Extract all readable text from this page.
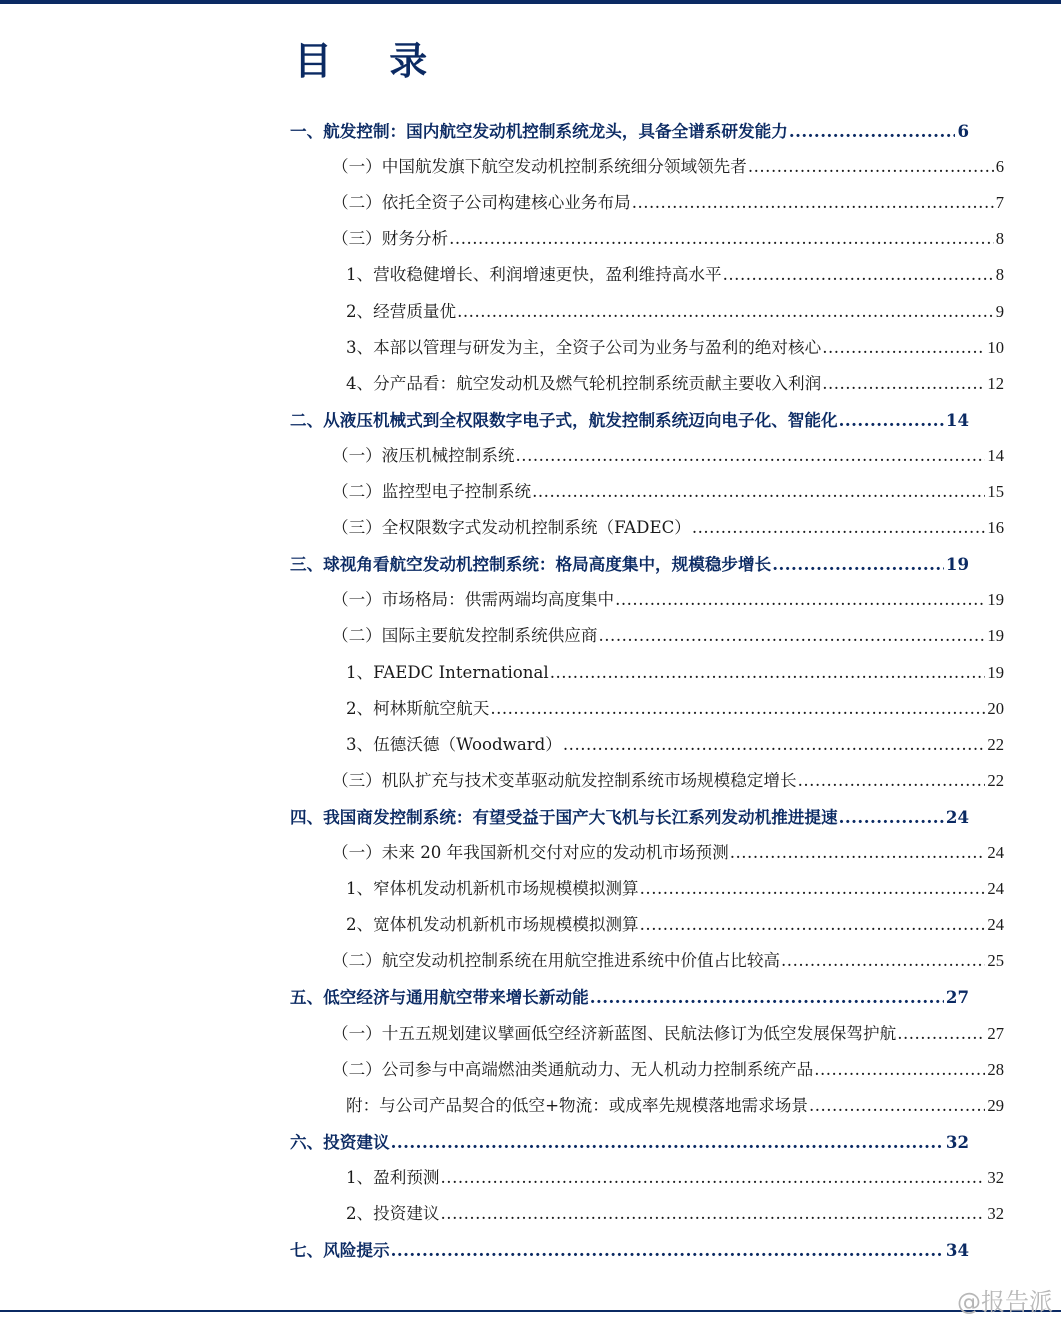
目 录
一、航发控制：国内航空发动机控制系统龙头，具备全谱系研发能力 .....	6
（一）中国航发旗下航空发动机控制系统细分领域领先者 .....	6
（二）依托全资子公司构建核心业务布局 .....	7
（三）财务分析 .....	8
1、营收稳健增长、利润增速更快，盈利维持高水平 .....	8
2、经营质量优 .....	9
3、本部以管理与研发为主，全资子公司为业务与盈利的绝对核心 .....	10
4、分产品看：航空发动机及燃气轮机控制系统贡献主要收入利润 .....	12
二、从液压机械式到全权限数字电子式，航发控制系统迈向电子化、智能化 .....	14
（一）液压机械控制系统 .....	14
（二）监控型电子控制系统 .....	15
（三）全权限数字式发动机控制系统（FADEC） .....	16
三、球视角看航空发动机控制系统：格局高度集中，规模稳步增长 .....	19
（一）市场格局：供需两端均高度集中 .....	19
（二）国际主要航发控制系统供应商 .....	19
1、FAEDC International .....	19
2、柯林斯航空航天 .....	20
3、伍德沃德（Woodward） .....	22
（三）机队扩充与技术变革驱动航发控制系统市场规模稳定增长 .....	22
四、我国商发控制系统：有望受益于国产大飞机与长江系列发动机推进提速 .....	24
（一）未来 20 年我国新机交付对应的发动机市场预测 .....	24
1、窄体机发动机新机市场规模模拟测算 .....	24
2、宽体机发动机新机市场规模模拟测算 .....	24
（二）航空发动机控制系统在用航空推进系统中价值占比较高 .....	25
五、低空经济与通用航空带来增长新动能 .....	27
（一）十五五规划建议擘画低空经济新蓝图、民航法修订为低空发展保驾护航 .....	27
（二）公司参与中高端燃油类通航动力、无人机动力控制系统产品 .....	28
附：与公司产品契合的低空+物流：或成率先规模落地需求场景 .....	29
六、投资建议 .....	32
1、盈利预测 .....	32
2、投资建议 .....	32
七、风险提示 .....	34
@报告派
